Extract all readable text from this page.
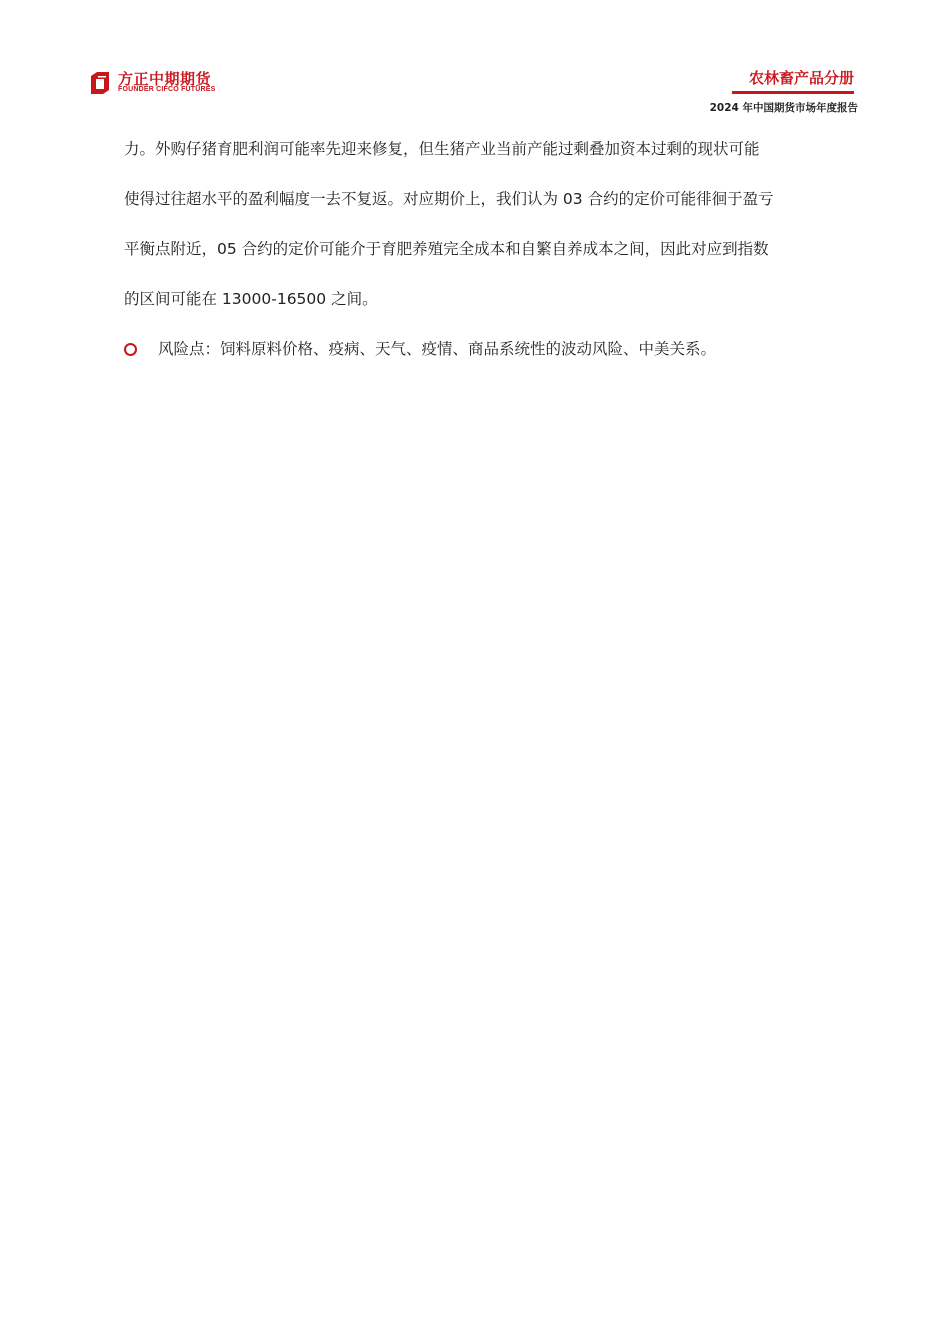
方正中期期货
FOUNDER CIFCO FUTURES
农林畜产品分册
2024 年中国期货市场年度报告

力。外购仔猪育肥利润可能率先迎来修复，但生猪产业当前产能过剩叠加资本过剩的现状可能
使得过往超水平的盈利幅度一去不复返。对应期价上，我们认为 03 合约的定价可能徘徊于盈亏
平衡点附近，05 合约的定价可能介于育肥养殖完全成本和自繁自养成本之间，因此对应到指数
的区间可能在 13000-16500 之间。

风险点：饲料原料价格、疫病、天气、疫情、商品系统性的波动风险、中美关系。
